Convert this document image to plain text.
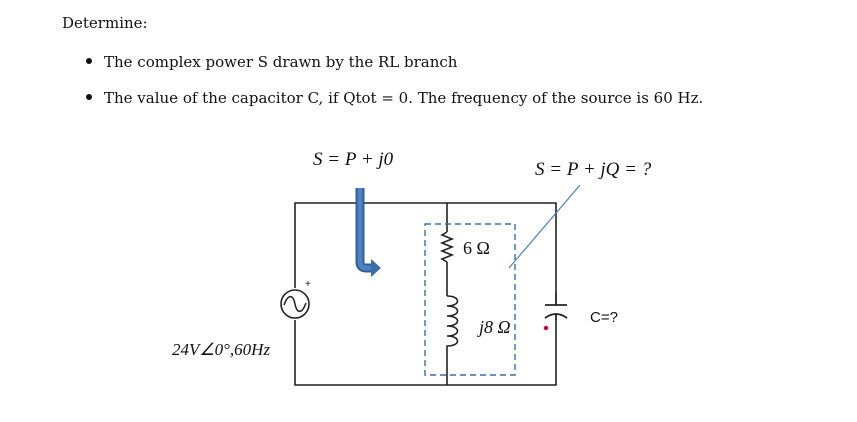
Determine:
The complex power S drawn by the RL branch
The value of the capacitor C, if Qtot = 0. The frequency of the source is 60 Hz.
+
24V∠0°,60Hz
6 Ω
j8 Ω	C=?
S = P + j0	S = P + jQ = ?
